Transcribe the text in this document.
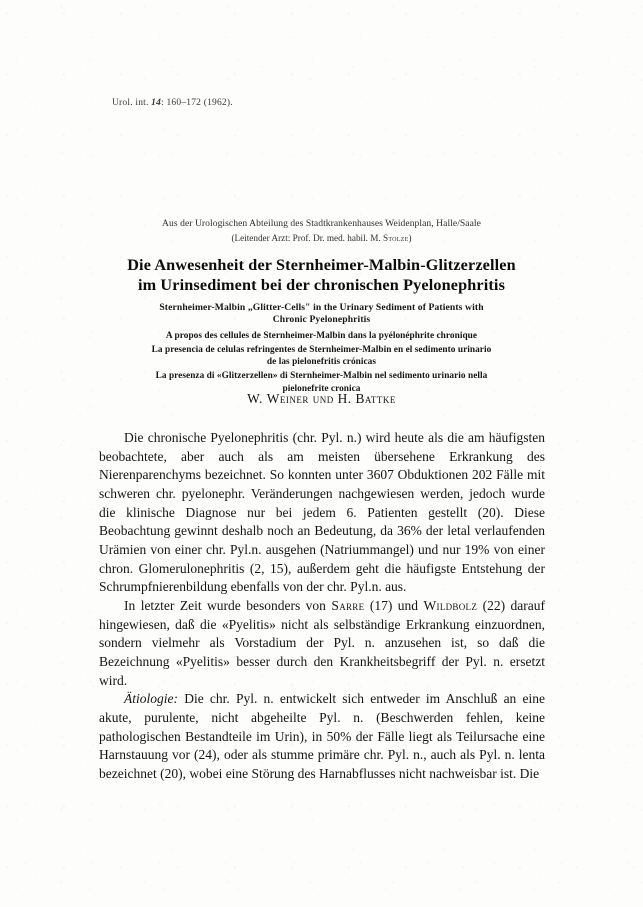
Urol. int. 14: 160–172 (1962).
Aus der Urologischen Abteilung des Stadtkrankenhauses Weidenplan, Halle/Saale
(Leitender Arzt: Prof. Dr. med. habil. M. Stolze)
Die Anwesenheit der Sternheimer-Malbin-Glitzerzellen
im Urinsediment bei der chronischen Pyelonephritis
Sternheimer-Malbin „Glitter-Cells" in the Urinary Sediment of Patients with
Chronic Pyelonephritis
A propos des cellules de Sternheimer-Malbin dans la pyélonéphrite chronique
La presencia de celulas refringentes de Sternheimer-Malbin en el sedimento urinario
de las pielonefritis crónicas
La presenza di «Glitzerzellen» di Sternheimer-Malbin nel sedimento urinario nella
pielonefrite cronica
W. Weiner und H. Battke

Die chronische Pyelonephritis (chr. Pyl. n.) wird heute als die am häufigsten beobachtete, aber auch als am meisten übersehene Erkrankung des Nierenparenchyms bezeichnet. So konnten unter 3607 Obduktionen 202 Fälle mit schweren chr. pyelonephr. Veränderungen nachgewiesen werden, jedoch wurde die klinische Diagnose nur bei jedem 6. Patienten gestellt (20). Diese Beobachtung gewinnt deshalb noch an Bedeutung, da 36% der letal verlaufenden Urämien von einer chr. Pyl.n. ausgehen (Natriummangel) und nur 19% von einer chron. Glomerulonephritis (2, 15), außerdem geht die häufigste Entstehung der Schrumpfnierenbildung ebenfalls von der chr. Pyl.n. aus.

In letzter Zeit wurde besonders von Sarre (17) und Wildbolz (22) darauf hingewiesen, daß die «Pyelitis» nicht als selbständige Erkrankung einzuordnen, sondern vielmehr als Vorstadium der Pyl. n. anzusehen ist, so daß die Bezeichnung «Pyelitis» besser durch den Krankheitsbegriff der Pyl. n. ersetzt wird.

Ätiologie: Die chr. Pyl. n. entwickelt sich entweder im Anschluß an eine akute, purulente, nicht abgeheilte Pyl. n. (Beschwerden fehlen, keine pathologischen Bestandteile im Urin), in 50% der Fälle liegt als Teilursache eine Harnstauung vor (24), oder als stumme primäre chr. Pyl. n., auch als Pyl. n. lenta bezeichnet (20), wobei eine Störung des Harnabflusses nicht nachweisbar ist. Die
